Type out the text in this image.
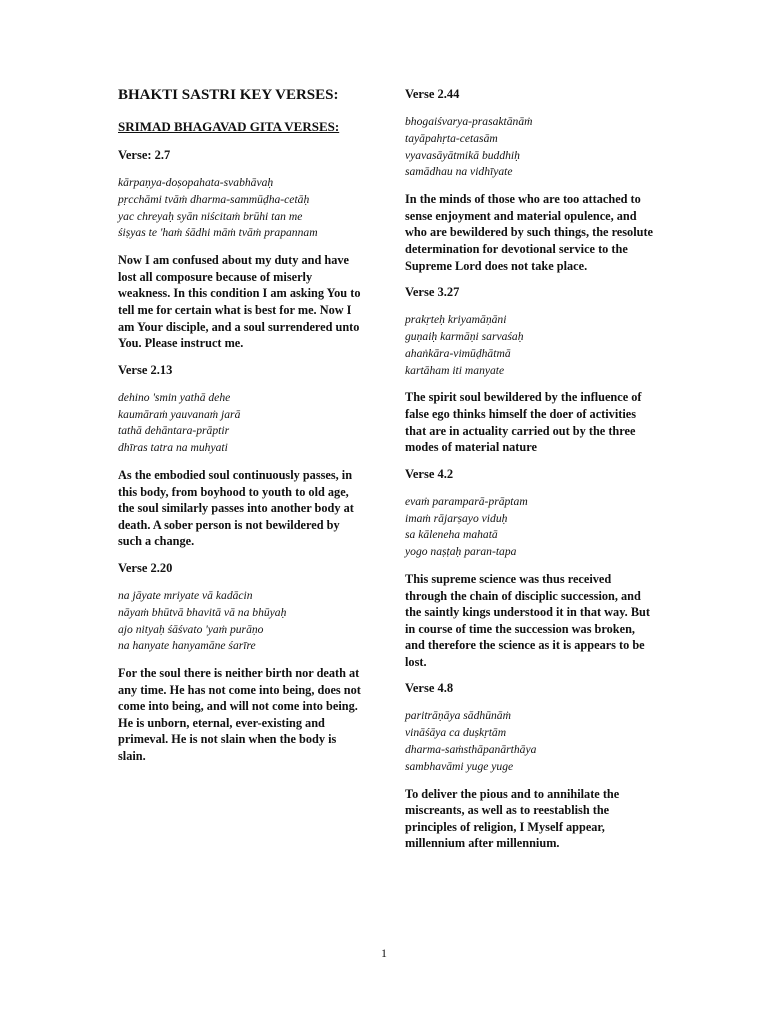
BHAKTI SASTRI KEY VERSES:
SRIMAD BHAGAVAD GITA VERSES:
Verse: 2.7
kārpaṇya-doṣopahata-svabhāvaḥ
pṛcchāmi tvāṁ dharma-sammūḍha-cetāḥ
yac chreyaḥ syān niścitaṁ brūhi tan me
śiṣyas te 'haṁ śādhi māṁ tvāṁ prapannam
Now I am confused about my duty and have lost all composure because of miserly weakness. In this condition I am asking You to tell me for certain what is best for me. Now I am Your disciple, and a soul surrendered unto You. Please instruct me.
Verse 2.13
dehino 'smin yathā dehe
kaumāraṁ yauvanaṁ jarā
tathā dehāntara-prāptir
dhīras tatra na muhyati
As the embodied soul continuously passes, in this body, from boyhood to youth to old age, the soul similarly passes into another body at death. A sober person is not bewildered by such a change.
Verse 2.20
na jāyate mriyate vā kadācin
nāyaṁ bhūtvā bhavitā vā na bhūyaḥ
ajo nityaḥ śāśvato 'yaṁ purāṇo
na hanyate hanyamāne śarīre
For the soul there is neither birth nor death at any time. He has not come into being, does not come into being, and will not come into being. He is unborn, eternal, ever-existing and primeval. He is not slain when the body is slain.
Verse 2.44
bhogaiśvarya-prasaktānāṁ
tayāpahṛta-cetasām
vyavasāyātmikā buddhiḥ
samādhau na vidhīyate
In the minds of those who are too attached to sense enjoyment and material opulence, and who are bewildered by such things, the resolute determination for devotional service to the Supreme Lord does not take place.
Verse 3.27
prakṛteḥ kriyamāṇāni
guṇaiḥ karmāṇi sarvaśaḥ
ahaṅkāra-vimūḍhātmā
kartāham iti manyate
The spirit soul bewildered by the influence of false ego thinks himself the doer of activities that are in actuality carried out by the three modes of material nature
Verse 4.2
evaṁ paramparā-prāptam
imaṁ rājarṣayo viduḥ
sa kāleneha mahatā
yogo naṣṭaḥ paran-tapa
This supreme science was thus received through the chain of disciplic succession, and the saintly kings understood it in that way. But in course of time the succession was broken, and therefore the science as it is appears to be lost.
Verse 4.8
paritrāṇāya sādhūnāṁ
vināśāya ca duṣkṛtām
dharma-saṁsthāpanārthāya
sambhavāmi yuge yuge
To deliver the pious and to annihilate the miscreants, as well as to reestablish the principles of religion, I Myself appear, millennium after millennium.
1
